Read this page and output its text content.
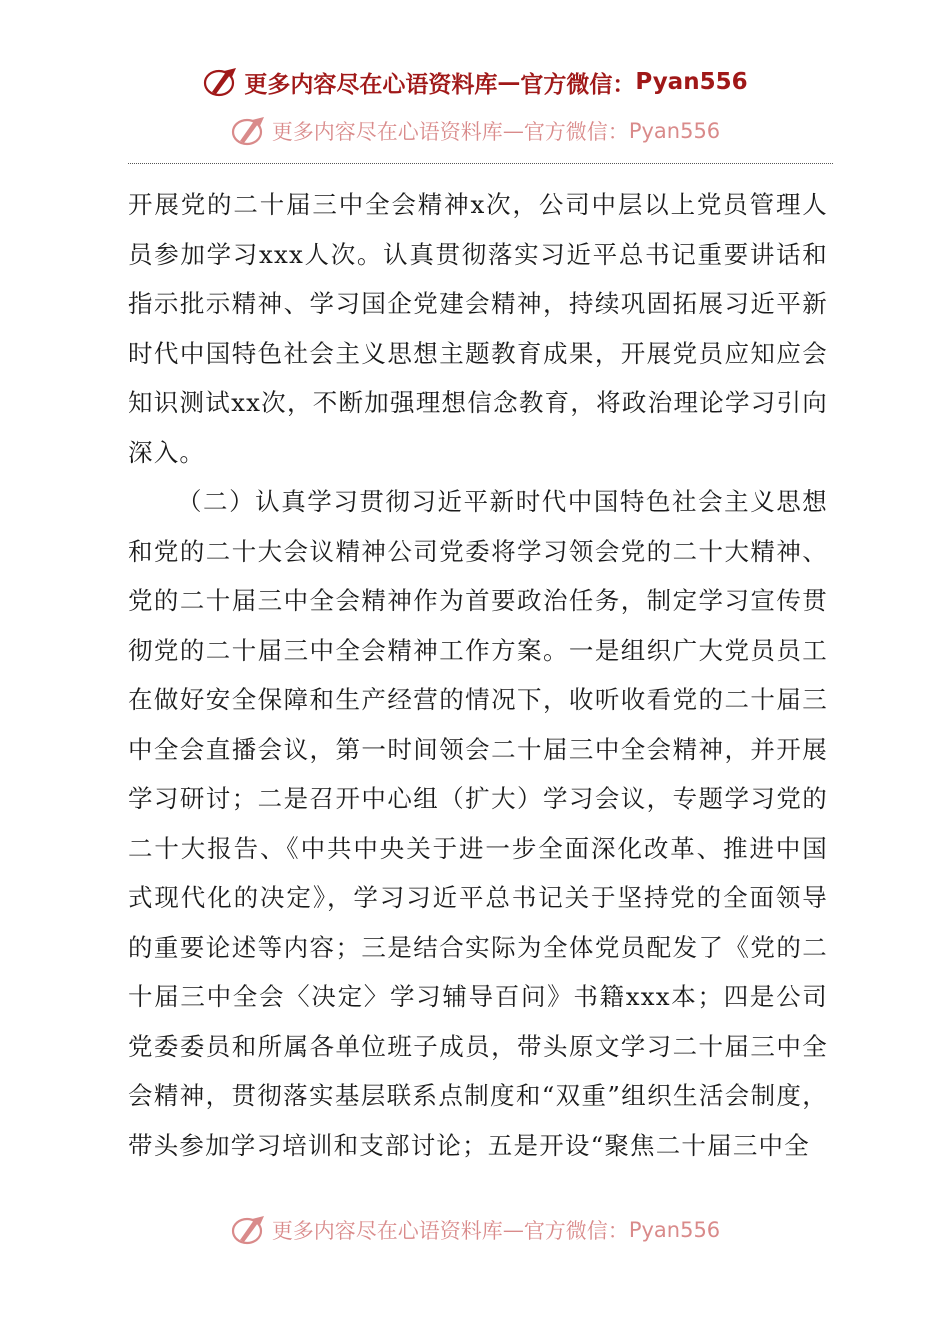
更多内容尽在心语资料库 — 官方微信： Pyan556
更多内容尽在心语资料库 — 官方微信： Pyan556

开展党的二十届三中全会精神x次，公司中层以上党员管理人员参加学习xxx人次。认真贯彻落实习近平总书记重要讲话和指示批示精神、学习国企党建会精神，持续巩固拓展习近平新时代中国特色社会主义思想主题教育成果，开展党员应知应会知识测试xx次，不断加强理想信念教育，将政治理论学习引向深入。

（二）认真学习贯彻习近平新时代中国特色社会主义思想和党的二十大会议精神公司党委将学习领会党的二十大精神、党的二十届三中全会精神作为首要政治任务，制定学习宣传贯彻党的二十届三中全会精神工作方案。一是组织广大党员员工在做好安全保障和生产经营的情况下，收听收看党的二十届三中全会直播会议，第一时间领会二十届三中全会精神，并开展学习研讨；二是召开中心组（扩大）学习会议，专题学习党的二十大报告、《中共中央关于进一步全面深化改革、推进中国式现代化的决定》，学习习近平总书记关于坚持党的全面领导的重要论述等内容；三是结合实际为全体党员配发了《党的二十届三中全会〈决定〉学习辅导百问》书籍xxx本；四是公司党委委员和所属各单位班子成员，带头原文学习二十届三中全会精神，贯彻落实基层联系点制度和“双重”组织生活会制度，带头参加学习培训和支部讨论；五是开设“聚焦二十届三中全

更多内容尽在心语资料库 — 官方微信： Pyan556
